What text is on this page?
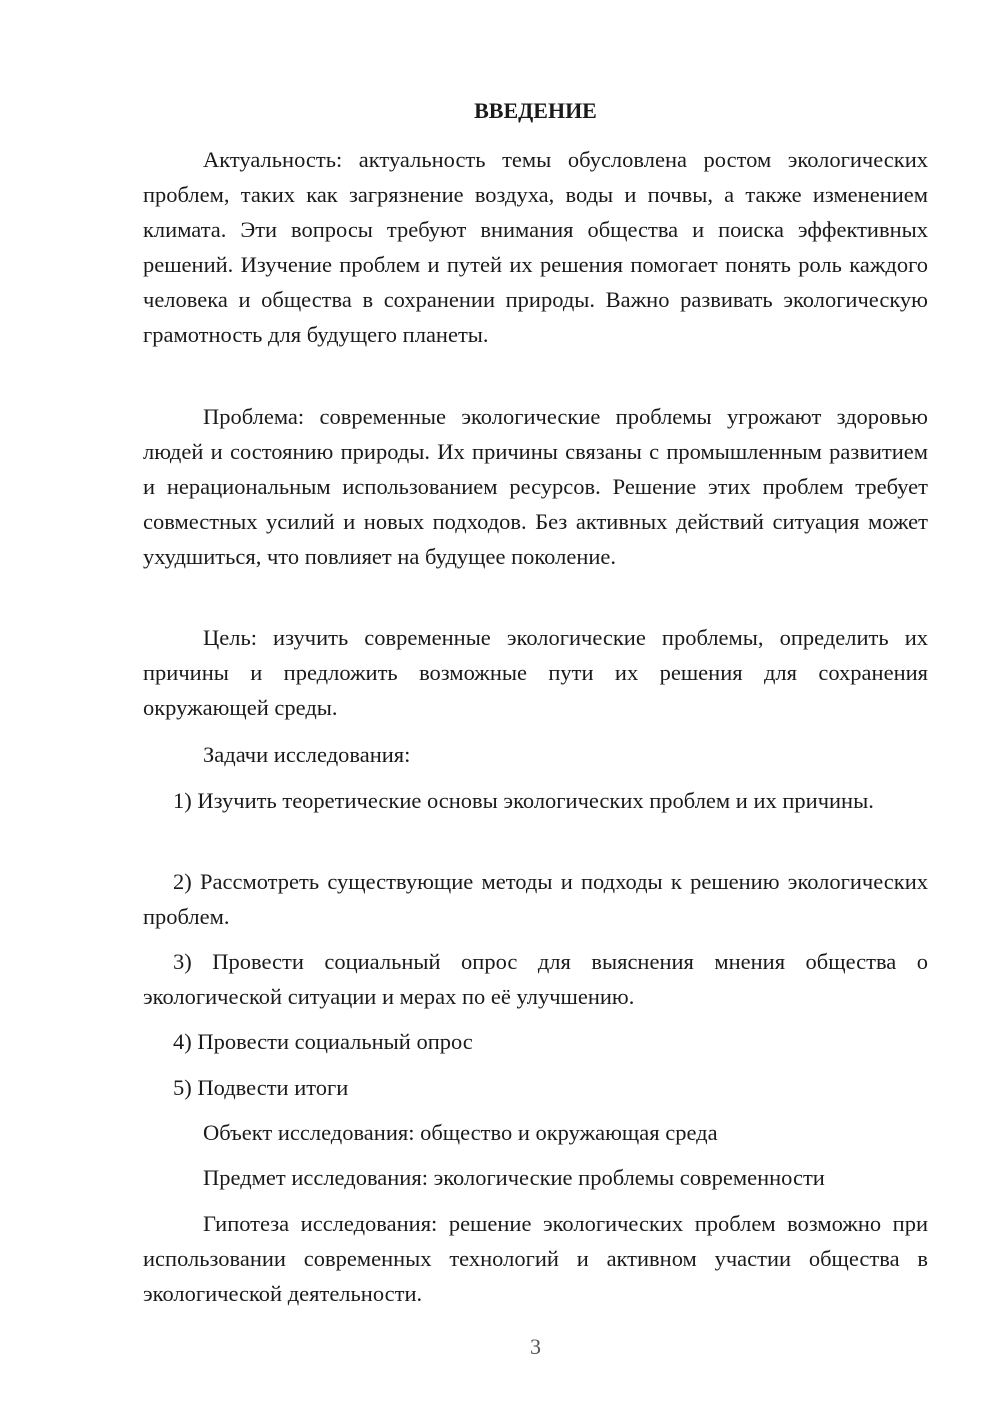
ВВЕДЕНИЕ

Актуальность: актуальность темы обусловлена ростом экологических проблем, таких как загрязнение воздуха, воды и почвы, а также изменением климата. Эти вопросы требуют внимания общества и поиска эффективных решений. Изучение проблем и путей их решения помогает понять роль каждого человека и общества в сохранении природы. Важно развивать экологическую грамотность для будущего планеты.

Проблема: современные экологические проблемы угрожают здоровью людей и состоянию природы. Их причины связаны с промышленным развитием и нерациональным использованием ресурсов. Решение этих проблем требует совместных усилий и новых подходов. Без активных действий ситуация может ухудшиться, что повлияет на будущее поколение.

Цель: изучить современные экологические проблемы, определить их причины и предложить возможные пути их решения для сохранения окружающей среды.

Задачи исследования:

1) Изучить теоретические основы экологических проблем и их причины.

2) Рассмотреть существующие методы и подходы к решению экологических проблем.

3) Провести социальный опрос для выяснения мнения общества о экологической ситуации и мерах по её улучшению.

4) Провести социальный опрос

5) Подвести итоги

Объект исследования: общество и окружающая среда

Предмет исследования: экологические проблемы современности

Гипотеза исследования: решение экологических проблем возможно при использовании современных технологий и активном участии общества в экологической деятельности.

3
